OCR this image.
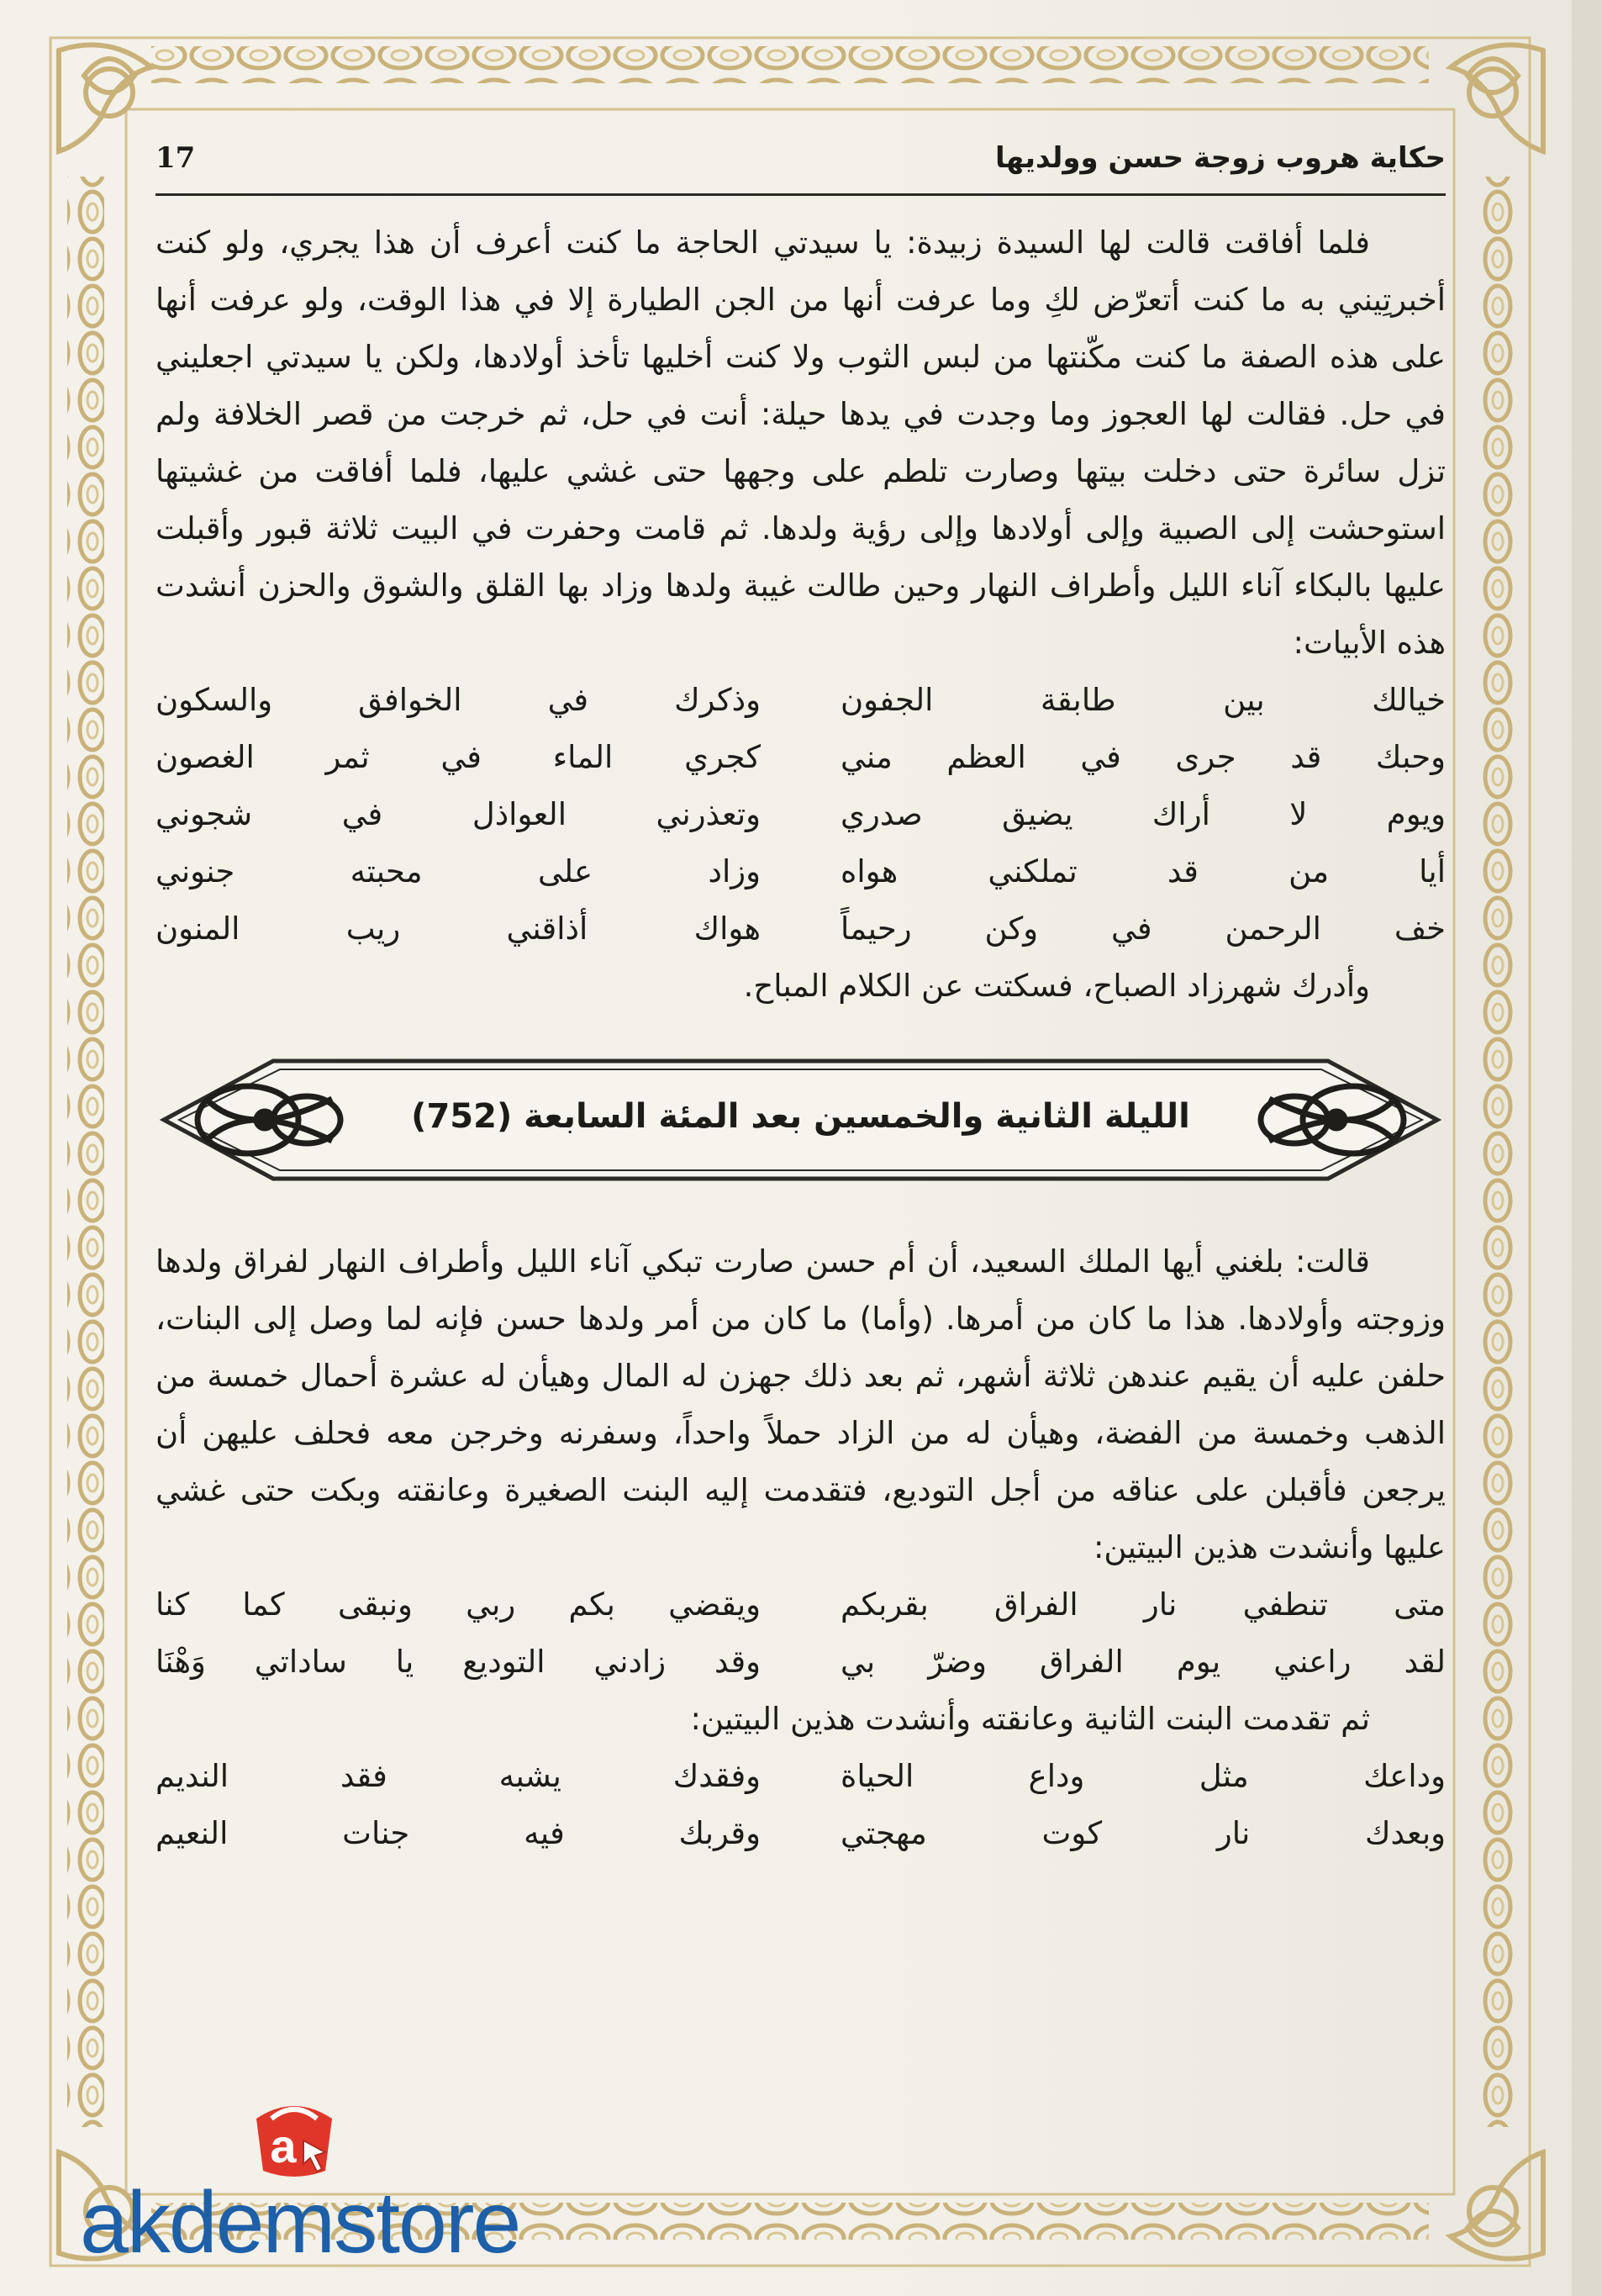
حكاية هروب زوجة حسن وولديها
17

فلما أفاقت قالت لها السيدة زبيدة: يا سيدتي الحاجة ما كنت أعرف أن هذا يجري، ولو كنت أخبرتِيني به ما كنت أتعرّض لكِ وما عرفت أنها من الجن الطيارة إلا في هذا الوقت، ولو عرفت أنها على هذه الصفة ما كنت مكّنتها من لبس الثوب ولا كنت أخليها تأخذ أولادها، ولكن يا سيدتي اجعليني في حل. فقالت لها العجوز وما وجدت في يدها حيلة: أنت في حل، ثم خرجت من قصر الخلافة ولم تزل سائرة حتى دخلت بيتها وصارت تلطم على وجهها حتى غشي عليها، فلما أفاقت من غشيتها استوحشت إلى الصبية وإلى أولادها وإلى رؤية ولدها. ثم قامت وحفرت في البيت ثلاثة قبور وأقبلت عليها بالبكاء آناء الليل وأطراف النهار وحين طالت غيبة ولدها وزاد بها القلق والشوق والحزن أنشدت هذه الأبيات:

خيالك بين طابقة الجفون
وذكرك في الخوافق والسكون
وحبك قد جرى في العظم مني
كجري الماء في ثمر الغصون
ويوم لا أراك يضيق صدري
وتعذرني العواذل في شجوني
أيا من قد تملكني هواه
وزاد على محبته جنوني
خف الرحمن في وكن رحيماً
هواك أذاقني ريب المنون

وأدرك شهرزاد الصباح، فسكتت عن الكلام المباح.

الليلة الثانية والخمسين بعد المئة السابعة (752)

قالت: بلغني أيها الملك السعيد، أن أم حسن صارت تبكي آناء الليل وأطراف النهار لفراق ولدها وزوجته وأولادها. هذا ما كان من أمرها. (وأما) ما كان من أمر ولدها حسن فإنه لما وصل إلى البنات، حلفن عليه أن يقيم عندهن ثلاثة أشهر، ثم بعد ذلك جهزن له المال وهيأن له عشرة أحمال خمسة من الذهب وخمسة من الفضة، وهيأن له من الزاد حملاً واحداً، وسفرنه وخرجن معه فحلف عليهن أن يرجعن فأقبلن على عناقه من أجل التوديع، فتقدمت إليه البنت الصغيرة وعانقته وبكت حتى غشي عليها وأنشدت هذين البيتين:

متى تنطفي نار الفراق بقربكم
ويقضي بكم ربي ونبقى كما كنا
لقد راعني يوم الفراق وضرّ بي
وقد زادني التوديع يا ساداتي وَهْنَا

ثم تقدمت البنت الثانية وعانقته وأنشدت هذين البيتين:

وداعك مثل وداع الحياة
وفقدك يشبه فقد النديم
وبعدك نار كوت مهجتي
وقربك فيه جنات النعيم
a
akdemstore
